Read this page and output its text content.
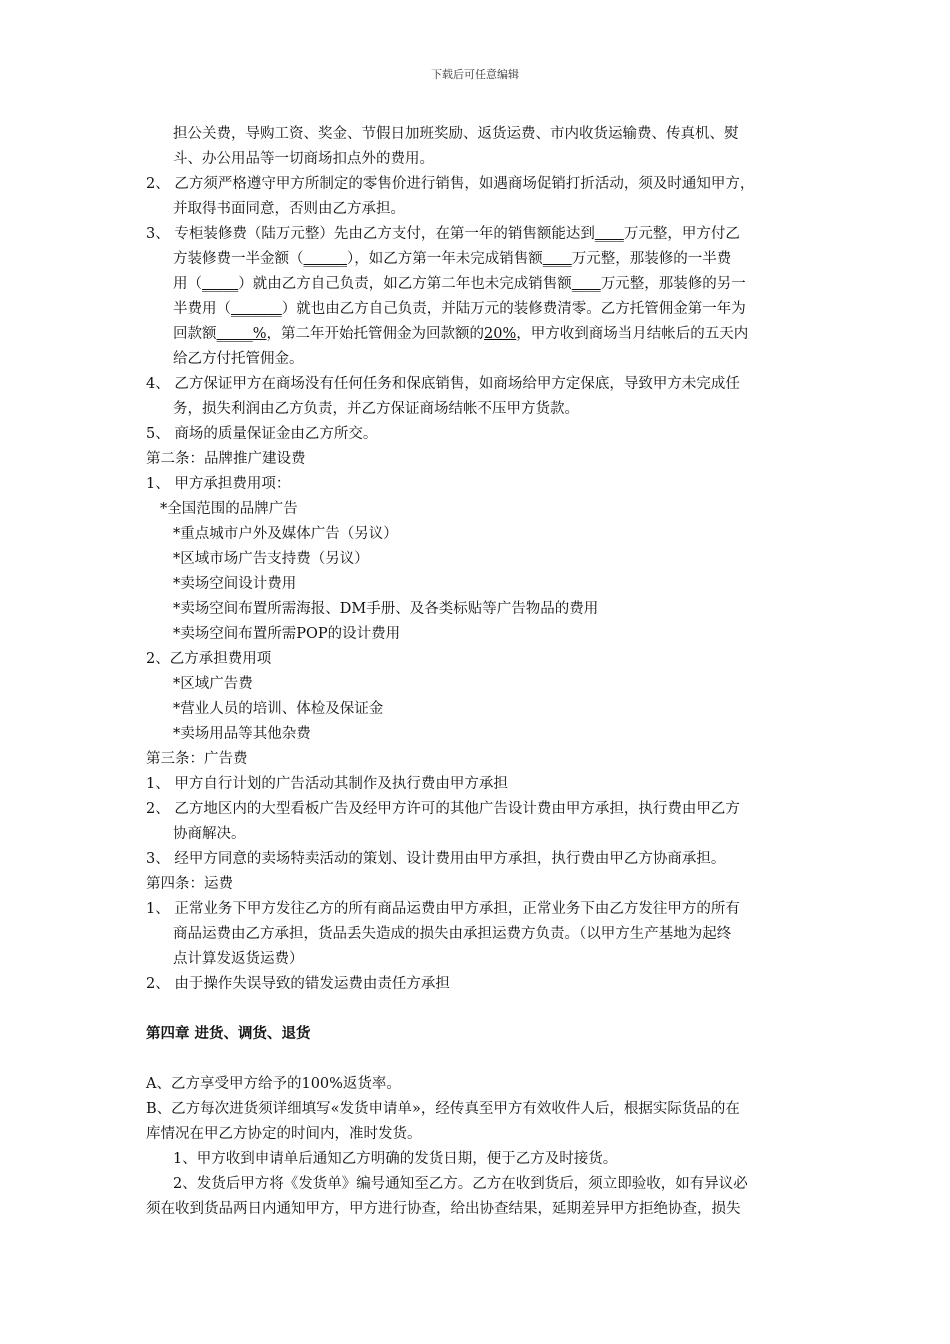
下载后可任意编辑
担公关费，导购工资、奖金、节假日加班奖励、返货运费、市内收货运输费、传真机、熨
斗、办公用品等一切商场扣点外的费用。
2、 乙方须严格遵守甲方所制定的零售价进行销售，如遇商场促销打折活动，须及时通知甲方，
并取得书面同意，否则由乙方承担。
3、 专柜装修费（陆万元整）先由乙方支付，在第一年的销售额能达到____万元整，甲方付乙
方装修费一半金额（______），如乙方第一年未完成销售额____万元整，那装修的一半费
用（_____）就由乙方自己负责，如乙方第二年也未完成销售额____万元整，那装修的另一
半费用（_______）就也由乙方自己负责，并陆万元的装修费清零。乙方托管佣金第一年为
回款额_____%，第二年开始托管佣金为回款额的20%，甲方收到商场当月结帐后的五天内
给乙方付托管佣金。
4、 乙方保证甲方在商场没有任何任务和保底销售，如商场给甲方定保底，导致甲方未完成任
务，损失利润由乙方负责，并乙方保证商场结帐不压甲方货款。
5、 商场的质量保证金由乙方所交。
第二条：品牌推广建设费
1、 甲方承担费用项：
*全国范围的品牌广告
*重点城市户外及媒体广告（另议）
*区域市场广告支持费（另议）
*卖场空间设计费用
*卖场空间布置所需海报、DM手册、及各类标贴等广告物品的费用
*卖场空间布置所需POP的设计费用
2、乙方承担费用项
*区域广告费
*营业人员的培训、体检及保证金
*卖场用品等其他杂费
第三条：广告费
1、 甲方自行计划的广告活动其制作及执行费由甲方承担
2、 乙方地区内的大型看板广告及经甲方许可的其他广告设计费由甲方承担，执行费由甲乙方
协商解决。
3、 经甲方同意的卖场特卖活动的策划、设计费用由甲方承担，执行费由甲乙方协商承担。
第四条：运费
1、 正常业务下甲方发往乙方的所有商品运费由甲方承担，正常业务下由乙方发往甲方的所有
商品运费由乙方承担，货品丢失造成的损失由承担运费方负责。（以甲方生产基地为起终
点计算发返货运费）
2、 由于操作失误导致的错发运费由责任方承担
第四章 进货、调货、退货
A、乙方享受甲方给予的100%返货率。
B、乙方每次进货须详细填写«发货申请单»，经传真至甲方有效收件人后，根据实际货品的在
库情况在甲乙方协定的时间内，准时发货。
1、甲方收到申请单后通知乙方明确的发货日期，便于乙方及时接货。
2、发货后甲方将《发货单》编号通知至乙方。乙方在收到货后，须立即验收，如有异议必
须在收到货品两日内通知甲方，甲方进行协查，给出协查结果，延期差异甲方拒绝协查，损失
